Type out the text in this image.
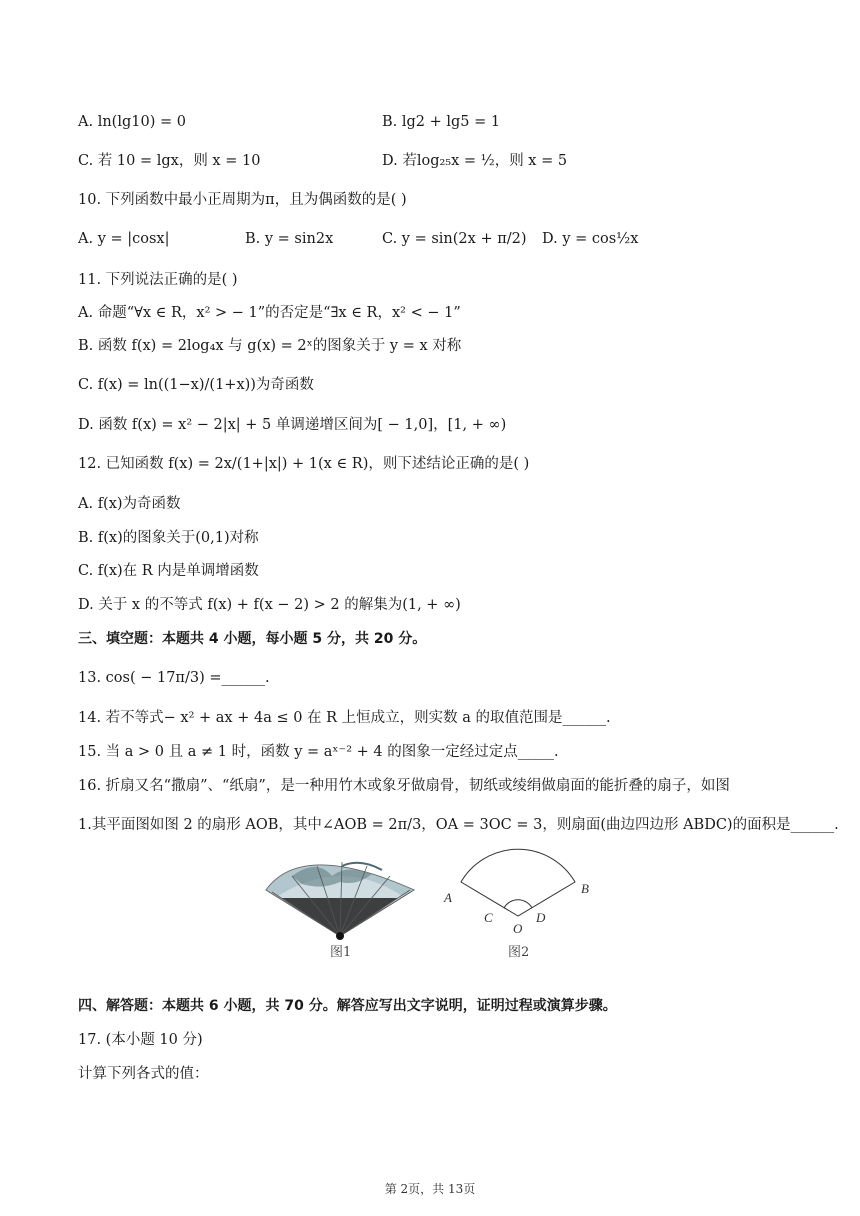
A. ln(lg10) = 0	B. lg2 + lg5 = 1
C. 若 10 = lgx，则 x = 10	D. 若log₂₅x = ½，则 x = 5
10. 下列函数中最小正周期为π，且为偶函数的是( )
A. y = |cosx|	B. y = sin2x	C. y = sin(2x + π/2) D. y = cos½x
11. 下列说法正确的是( )
A. 命题“∀x ∈ R，x² > − 1”的否定是“∃x ∈ R，x² < − 1”
B. 函数 f(x) = 2log₄x 与 g(x) = 2ˣ的图象关于 y = x 对称
C. f(x) = ln((1−x)/(1+x))为奇函数
D. 函数 f(x) = x² − 2|x| + 5 单调递增区间为[ − 1,0]，[1, + ∞)
12. 已知函数 f(x) = 2x/(1+|x|) + 1(x ∈ R)，则下述结论正确的是( )
A. f(x)为奇函数
B. f(x)的图象关于(0,1)对称
C. f(x)在 R 内是单调增函数
D. 关于 x 的不等式 f(x) + f(x − 2) > 2 的解集为(1, + ∞)
三、填空题：本题共 4 小题，每小题 5 分，共 20 分。
13. cos( − 17π/3) =______.
14. 若不等式− x² + ax + 4a ≤ 0 在 R 上恒成立，则实数 a 的取值范围是______.
15. 当 a > 0 且 a ≠ 1 时，函数 y = aˣ⁻² + 4 的图象一定经过定点_____.
16. 折扇又名“撒扇”、“纸扇”，是一种用竹木或象牙做扇骨，韧纸或绫绢做扇面的能折叠的扇子，如图
1.其平面图如图 2 的扇形 AOB，其中∠AOB = 2π/3，OA = 3OC = 3，则扇面(曲边四边形 ABDC)的面积是______.
图1
A
B
C	D
O
图2
四、解答题：本题共 6 小题，共 70 分。解答应写出文字说明，证明过程或演算步骤。
17. (本小题 10 分)
计算下列各式的值：
第 2页，共 13页
